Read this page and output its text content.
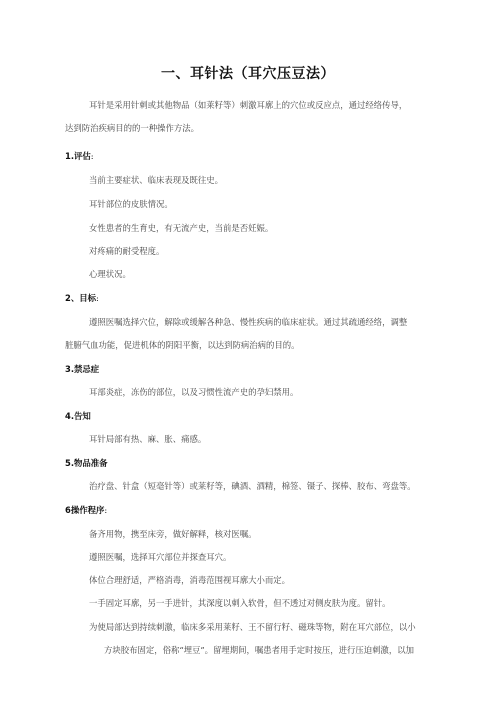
一、耳针法（耳穴压豆法）
耳针是采用针刺或其他物品（如莱籽等）刺激耳廓上的穴位或反应点，通过经络传导，
达到防治疾病目的的一种操作方法。
1.评估:
当前主要症状、临床表现及既往史。
耳针部位的皮肤情况。
女性患者的生育史，有无流产史，当前是否妊娠。
对疼痛的耐受程度。
心理状况。
2、目标:
遵照医嘱选择穴位，解除或缓解各种急、慢性疾病的临床症状。通过其疏通经络，调整
脏腑气血功能，促进机体的阴阳平衡，以达到防病治病的目的。
3.禁忌症
耳部炎症，冻伤的部位，以及习惯性流产史的孕妇禁用。
4.告知
耳针局部有热、麻、胀、痛感。
5.物品准备
治疗盘、针盒（短毫针等）或莱籽等，碘酒、酒精，棉签、镊子、探棒、胶布、弯盘等。
6操作程序:
备齐用物，携至床旁，做好解释，核对医嘱。
遵照医嘱，选择耳穴部位并探查耳穴。
体位合理舒适，严格消毒，消毒范围视耳廓大小而定。
一手固定耳廓，另一手进针，其深度以刺入软骨，但不透过对侧皮肤为度。留针。
为使局部达到持续刺激，临床多采用莱籽、王不留行籽、磁珠等物，附在耳穴部位，以小
方块胶布固定，俗称“埋豆”。留埋期间，嘱患者用手定时按压，进行压迫刺激，以加
